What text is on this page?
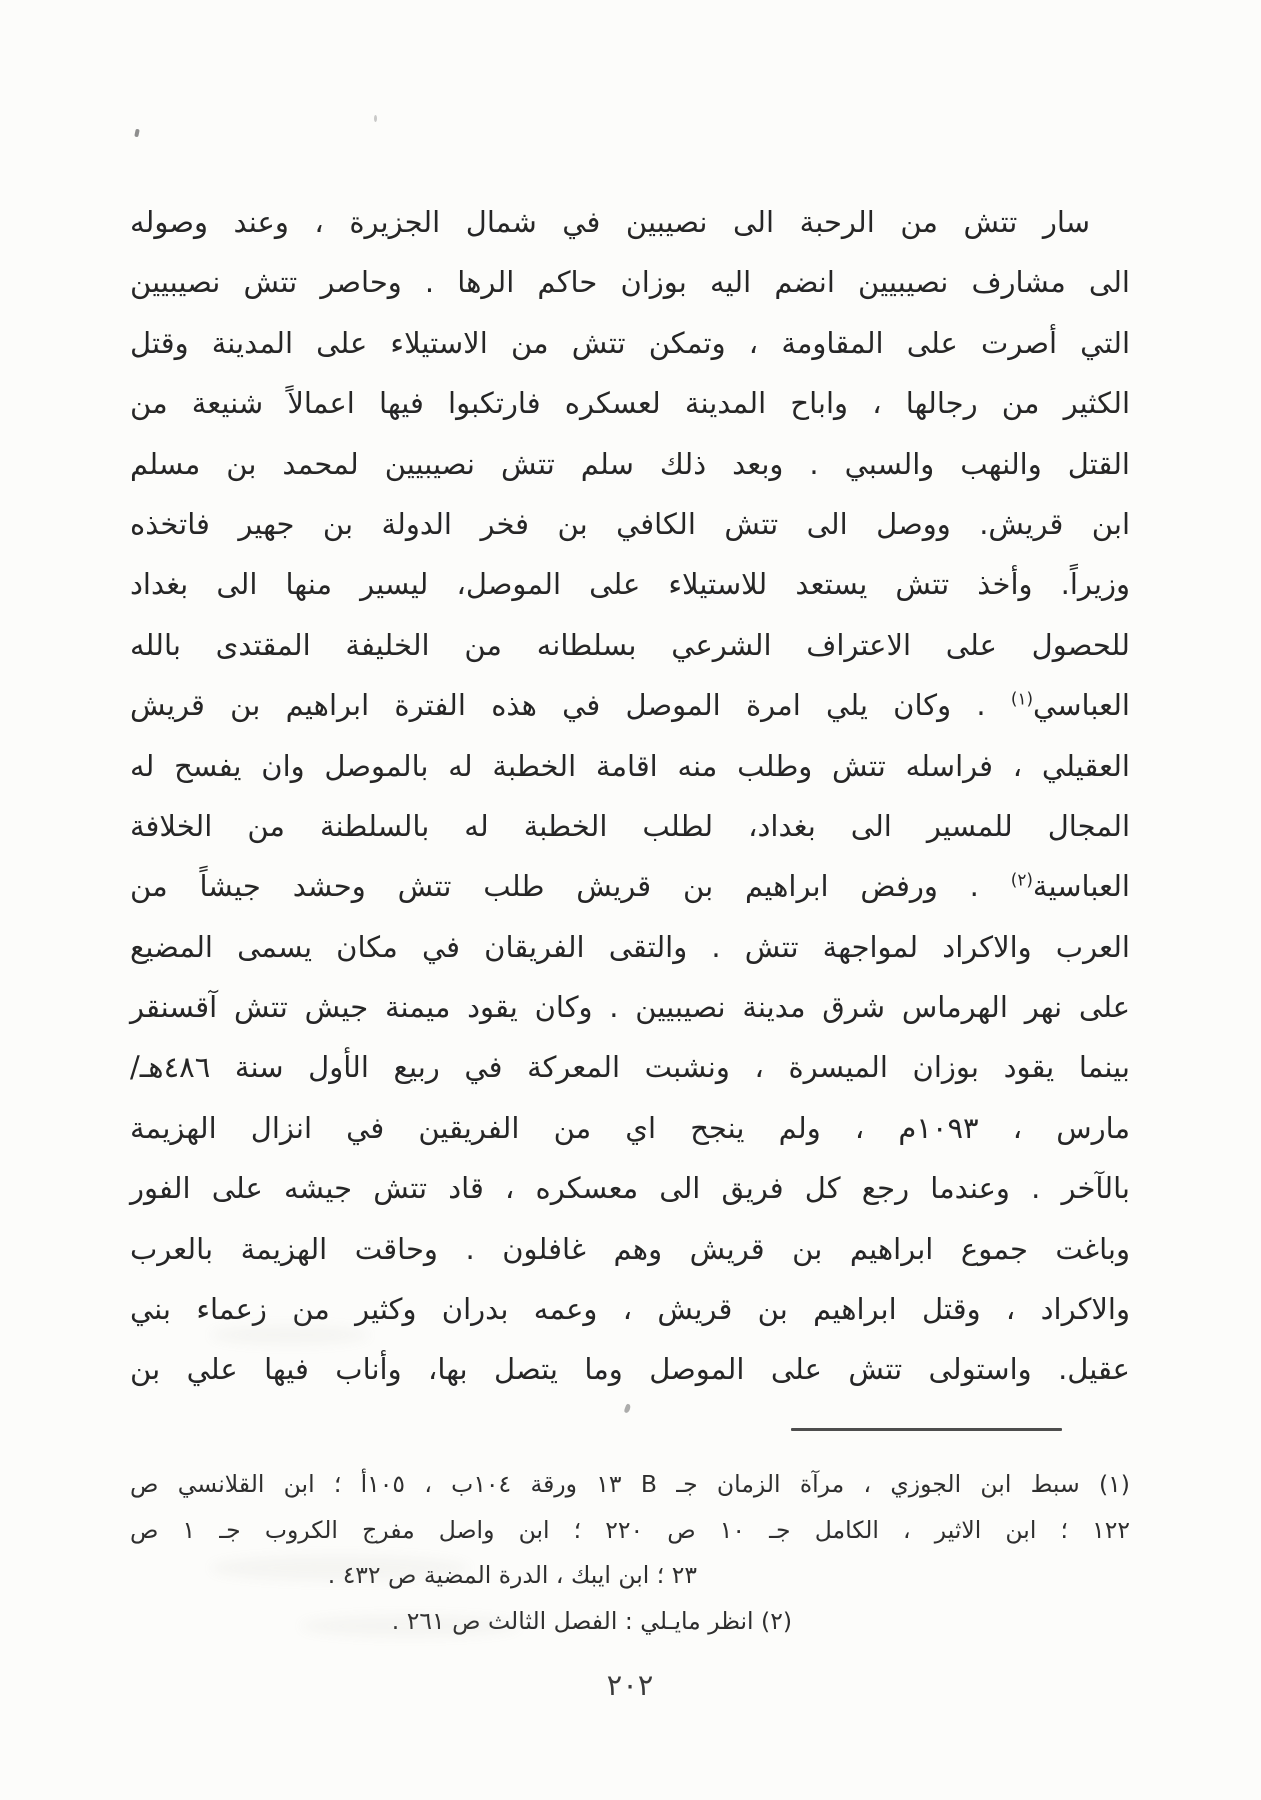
سار تتش من الرحبة الى نصيبين في شمال الجزيرة ، وعند وصوله
الى مشارف نصيبيين انضم اليه بوزان حاكم الرها . وحاصر تتش نصيبيين
التي أصرت على المقاومة ، وتمكن تتش من الاستيلاء على المدينة وقتل
الكثير من رجالها ، واباح المدينة لعسكره فارتكبوا فيها اعمالاً شنيعة من
القتل والنهب والسبي . وبعد ذلك سلم تتش نصيبيين لمحمد بن مسلم
ابن قريش. ووصل الى تتش الكافي بن فخر الدولة بن جهير فاتخذه
وزيراً. وأخذ تتش يستعد للاستيلاء على الموصل، ليسير منها الى بغداد
للحصول على الاعتراف الشرعي بسلطانه من الخليفة المقتدى بالله
العباسي$^{(١)}$ . وكان يلي امرة الموصل في هذه الفترة ابراهيم بن قريش
العقيلي ، فراسله تتش وطلب منه اقامة الخطبة له بالموصل وان يفسح له
المجال للمسير الى بغداد، لطلب الخطبة له بالسلطنة من الخلافة
العباسية$^{(٢)}$ . ورفض ابراهيم بن قريش طلب تتش وحشد جيشاً من
العرب والاكراد لمواجهة تتش . والتقى الفريقان في مكان يسمى المضيع
على نهر الهرماس شرق مدينة نصيبيين . وكان يقود ميمنة جيش تتش آقسنقر
بينما يقود بوزان الميسرة ، ونشبت المعركة في ربيع الأول سنة ٤٨٦هـ/
مارس ، ١٠٩٣م ، ولم ينجح اي من الفريقين في انزال الهزيمة
بالآخر . وعندما رجع كل فريق الى معسكره ، قاد تتش جيشه على الفور
وباغت جموع ابراهيم بن قريش وهم غافلون . وحاقت الهزيمة بالعرب
والاكراد ، وقتل ابراهيم بن قريش ، وعمه بدران وكثير من زعماء بني
عقيل. واستولى تتش على الموصل وما يتصل بها، وأناب فيها علي بن
(١) سبط ابن الجوزي ، مرآة الزمان جـ B ١٣ ورقة ١٠٤ب ، ١٠٥أ ؛ ابن القلانسي ص
١٢٢ ؛ ابن الاثير ، الكامل جـ ١٠ ص ٢٢٠ ؛ ابن واصل مفرج الكروب جـ ١ ص
٢٣ ؛ ابن ايبك ، الدرة المضية ص ٤٣٢ .
(٢) انظر مايـلي : الفصل الثالث ص ٢٦١ .
٢٠٢
